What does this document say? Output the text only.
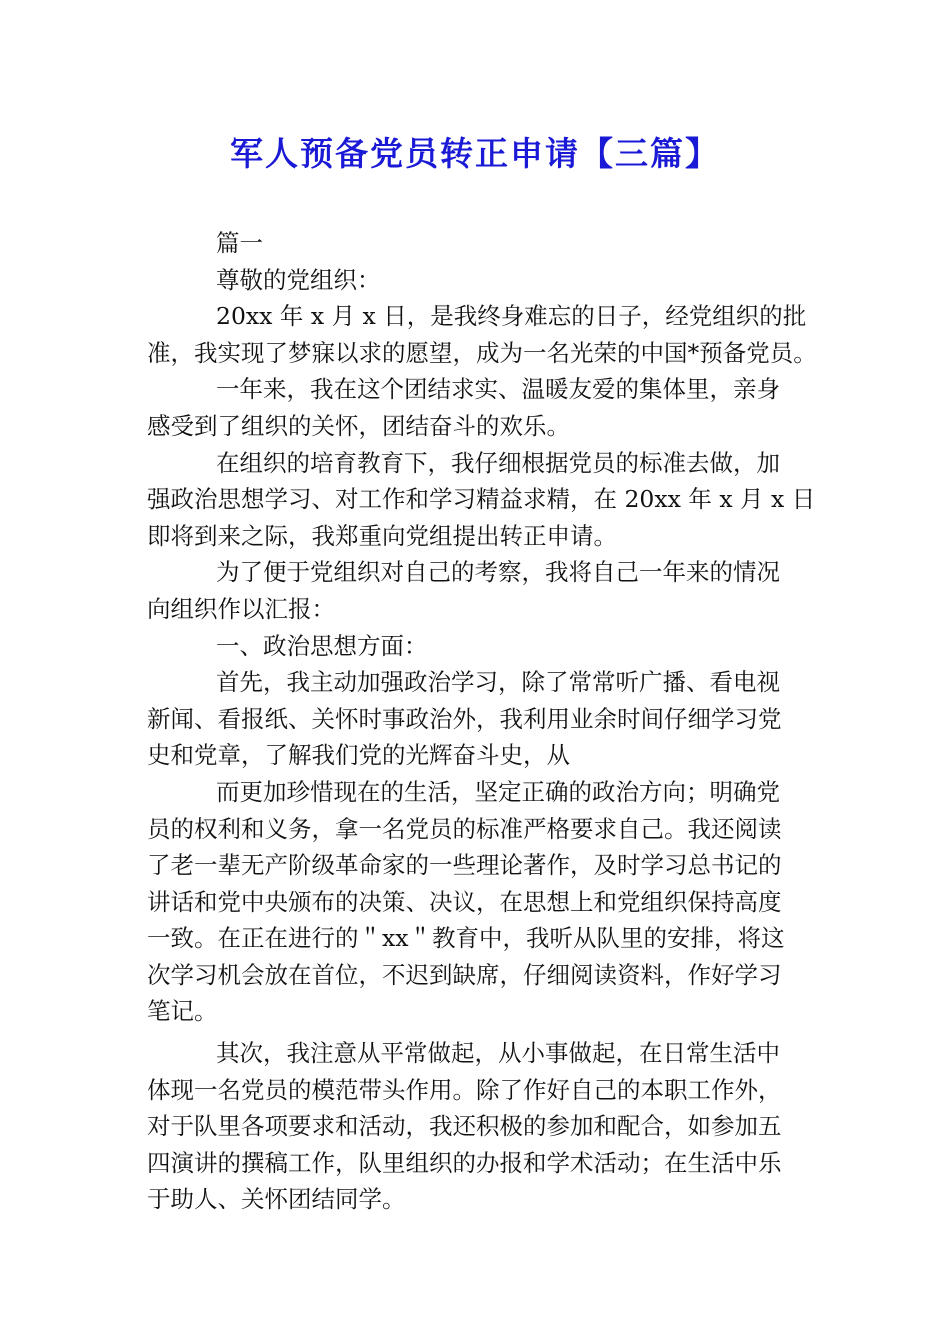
军人预备党员转正申请【三篇】
篇一
尊敬的党组织：
20xx 年 x 月 x 日，是我终身难忘的日子，经党组织的批
准，我实现了梦寐以求的愿望，成为一名光荣的中国*预备党员。
一年来，我在这个团结求实、温暖友爱的集体里，亲身
感受到了组织的关怀，团结奋斗的欢乐。
在组织的培育教育下，我仔细根据党员的标准去做，加
强政治思想学习、对工作和学习精益求精，在 20xx 年 x 月 x 日
即将到来之际，我郑重向党组提出转正申请。
为了便于党组织对自己的考察，我将自己一年来的情况
向组织作以汇报：
一、政治思想方面：
首先，我主动加强政治学习，除了常常听广播、看电视
新闻、看报纸、关怀时事政治外，我利用业余时间仔细学习党
史和党章，了解我们党的光辉奋斗史，从
而更加珍惜现在的生活，坚定正确的政治方向；明确党
员的权利和义务，拿一名党员的标准严格要求自己。我还阅读
了老一辈无产阶级革命家的一些理论著作，及时学习总书记的
讲话和党中央颁布的决策、决议，在思想上和党组织保持高度
一致。在正在进行的＂xx＂教育中，我听从队里的安排，将这
次学习机会放在首位，不迟到缺席，仔细阅读资料，作好学习
笔记。
其次，我注意从平常做起，从小事做起，在日常生活中
体现一名党员的模范带头作用。除了作好自己的本职工作外，
对于队里各项要求和活动，我还积极的参加和配合，如参加五
四演讲的撰稿工作，队里组织的办报和学术活动；在生活中乐
于助人、关怀团结同学。
